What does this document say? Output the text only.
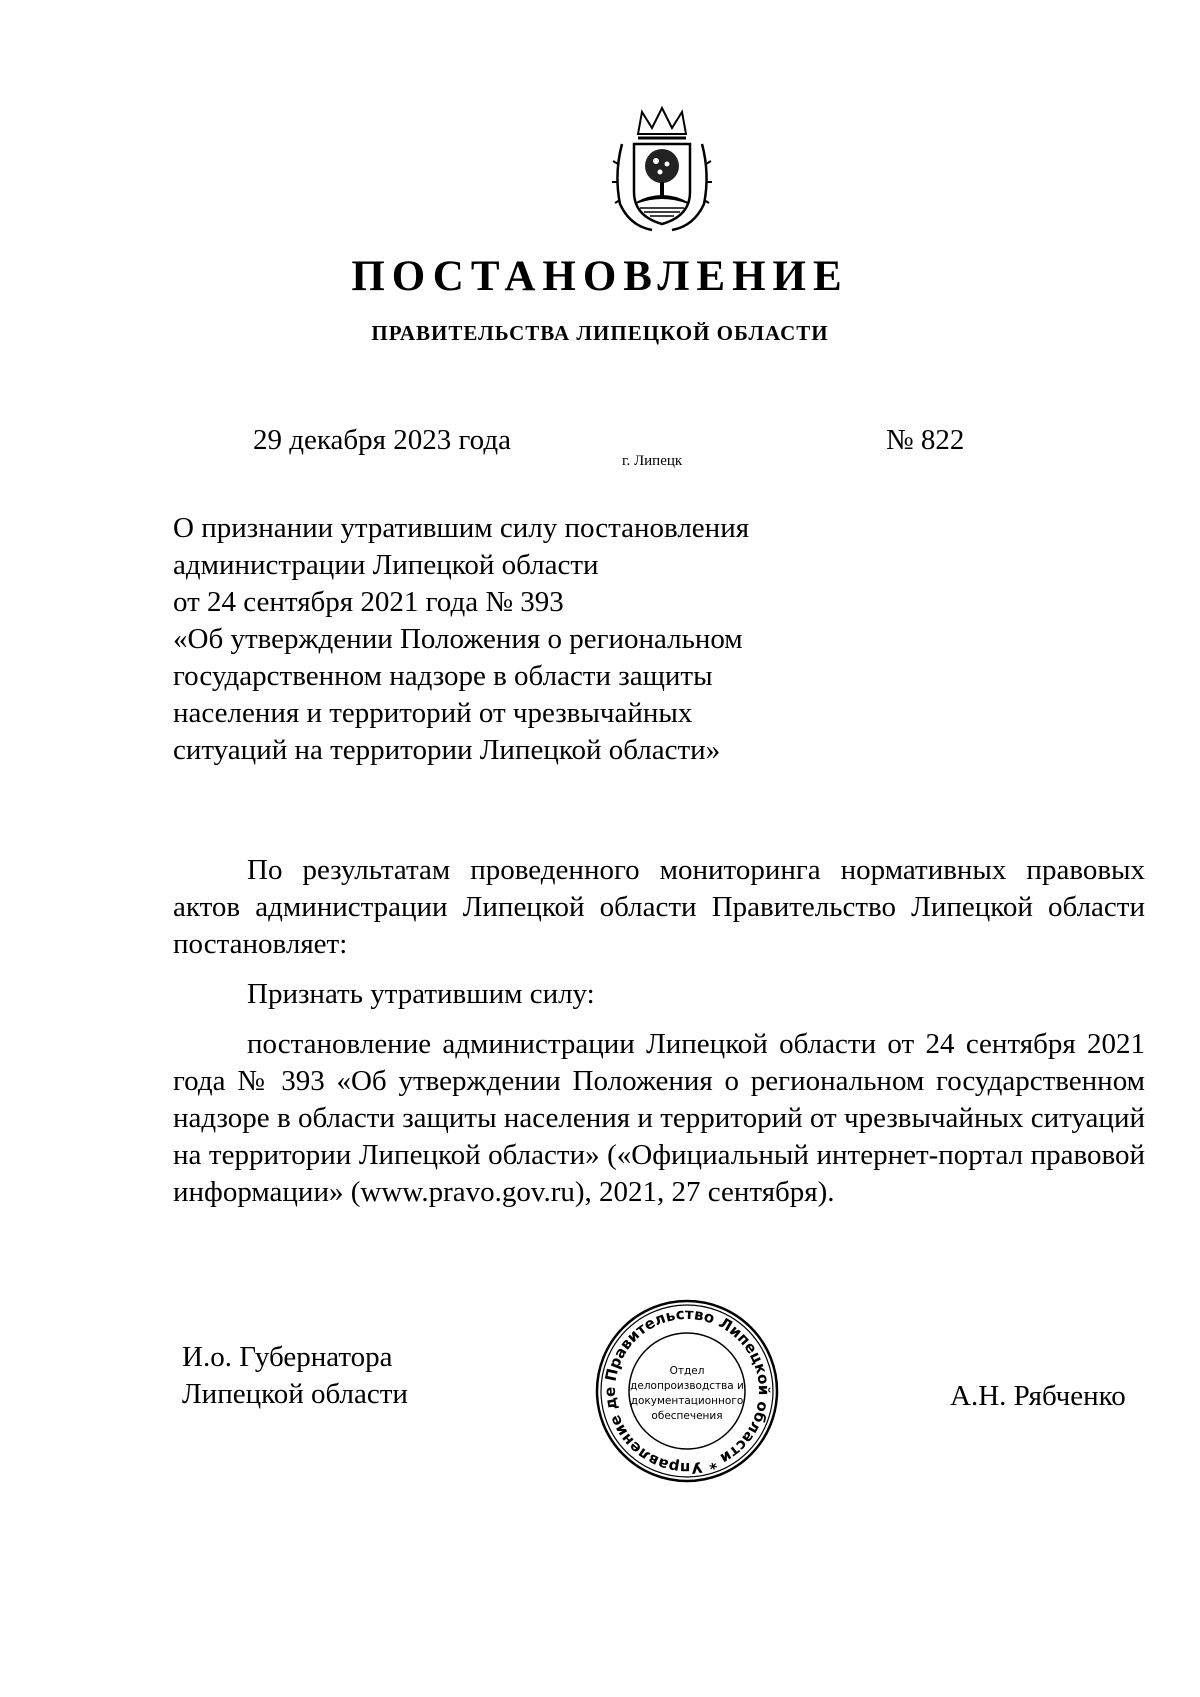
ПОСТАНОВЛЕНИЕ
ПРАВИТЕЛЬСТВА ЛИПЕЦКОЙ ОБЛАСТИ
29 декабря 2023 года
г. Липецк
№ 822
О признании утратившим силу постановления
администрации Липецкой области
от 24 сентября 2021 года № 393
«Об утверждении Положения о региональном
государственном надзоре в области защиты
населения и территорий от чрезвычайных
ситуаций на территории Липецкой области»

По результатам проведенного мониторинга нормативных правовых актов администрации Липецкой области Правительство Липецкой области постановляет:

Признать утратившим силу:

постановление администрации Липецкой области от 24 сентября 2021 года № 393 «Об утверждении Положения о региональном государственном надзоре в области защиты населения и территорий от чрезвычайных ситуаций на территории Липецкой области» («Официальный интернет-портал правовой информации» (www.pravo.gov.ru), 2021, 27 сентября).

И.о. Губернатора
Липецкой области	А.Н. Рябченко
Правительство Липецкой области * Управление де
Отдел
делопроизводства и
документационного
обеспечения
